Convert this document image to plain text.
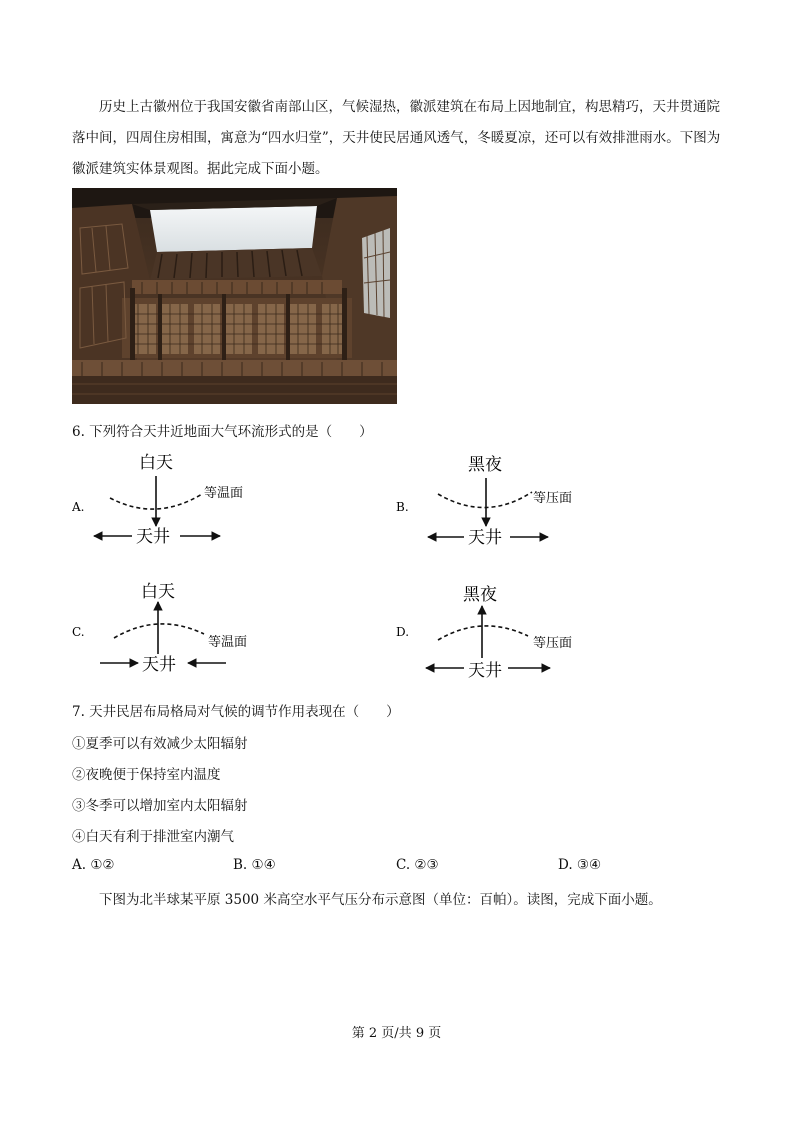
历史上古徽州位于我国安徽省南部山区，气候湿热，徽派建筑在布局上因地制宜，构思精巧，天井贯通院落中间，四周住房相围，寓意为“四水归堂”，天井使民居通风透气，冬暖夏凉，还可以有效排泄雨水。下图为徽派建筑实体景观图。据此完成下面小题。

6. 下列符合天井近地面大气环流形式的是（　　）
A.
白天
等温面
天井
B.
黑夜
等压面
天井
C.
白天
等温面
天井
D.
黑夜
等压面
天井
7. 天井民居布局格局对气候的调节作用表现在（　　）
①夏季可以有效减少太阳辐射
②夜晚便于保持室内温度
③冬季可以增加室内太阳辐射
④白天有利于排泄室内潮气
A. ①②	B. ①④	C. ②③	D. ③④
下图为北半球某平原 3500 米高空水平气压分布示意图（单位：百帕）。读图，完成下面小题。
第 2 页/共 9 页
